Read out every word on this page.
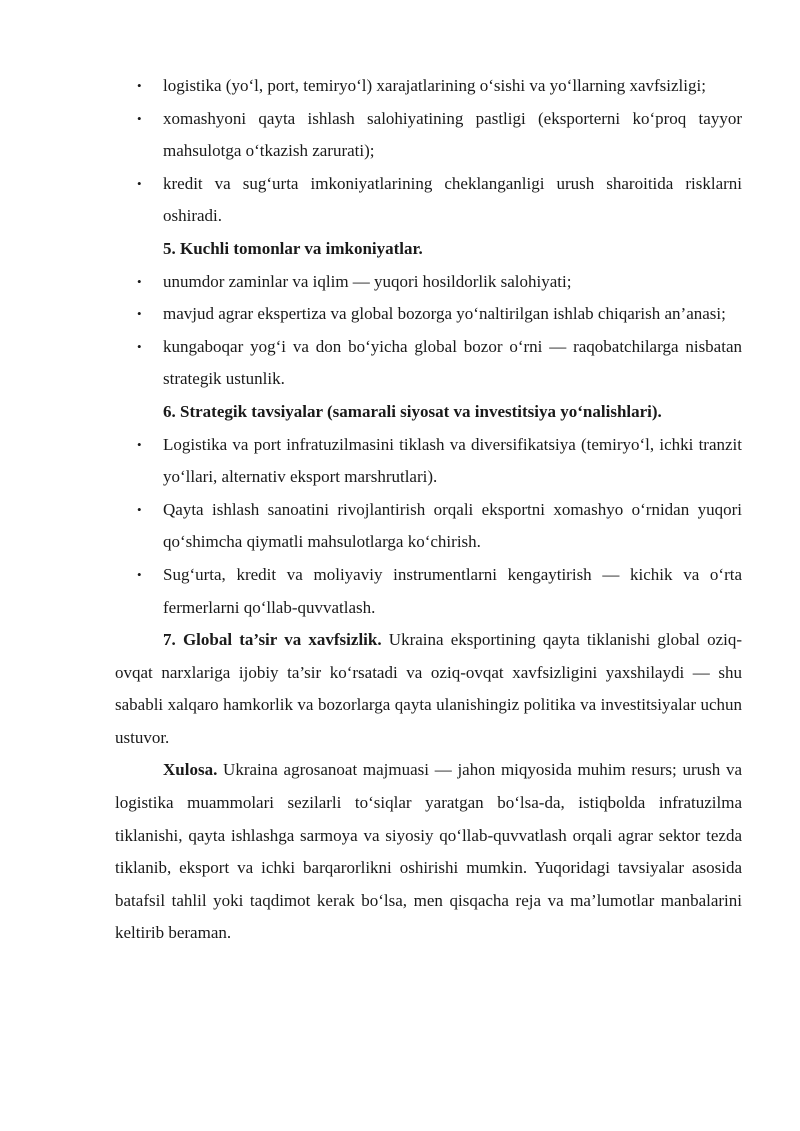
• logistika (yo‘l, port, temiryo‘l) xarajatlarining o‘sishi va yo‘llarning xavfsizligi;
• xomashyoni qayta ishlash salohiyatining pastligi (eksporterni ko‘proq tayyor mahsulotga o‘tkazish zarurati);
• kredit va sug‘urta imkoniyatlarining cheklanganligi urush sharoitida risklarni oshiradi.

5. Kuchli tomonlar va imkoniyatlar.

• unumdor zaminlar va iqlim — yuqori hosildorlik salohiyati;
• mavjud agrar ekspertiza va global bozorga yo‘naltirilgan ishlab chiqarish an’anasi;
• kungaboqar yog‘i va don bo‘yicha global bozor o‘rni — raqobatchilarga nisbatan strategik ustunlik.

6. Strategik tavsiyalar (samarali siyosat va investitsiya yo‘nalishlari).

• Logistika va port infratuzilmasini tiklash va diversifikatsiya (temiryo‘l, ichki tranzit yo‘llari, alternativ eksport marshrutlari).
• Qayta ishlash sanoatini rivojlantirish orqali eksportni xomashyo o‘rnidan yuqori qo‘shimcha qiymatli mahsulotlarga ko‘chirish.
• Sug‘urta, kredit va moliyaviy instrumentlarni kengaytirish — kichik va o‘rta fermerlarni qo‘llab-quvvatlash.

7. Global ta’sir va xavfsizlik. Ukraina eksportining qayta tiklanishi global oziq-ovqat narxlariga ijobiy ta’sir ko‘rsatadi va oziq-ovqat xavfsizligini yaxshilaydi — shu sababli xalqaro hamkorlik va bozorlarga qayta ulanishingiz politika va investitsiyalar uchun ustuvor.

Xulosa. Ukraina agrosanoat majmuasi — jahon miqyosida muhim resurs; urush va logistika muammolari sezilarli to‘siqlar yaratgan bo‘lsa-da, istiqbolda infratuzilma tiklanishi, qayta ishlashga sarmoya va siyosiy qo‘llab-quvvatlash orqali agrar sektor tezda tiklanib, eksport va ichki barqarorlikni oshirishi mumkin. Yuqoridagi tavsiyalar asosida batafsil tahlil yoki taqdimot kerak bo‘lsa, men qisqacha reja va ma’lumotlar manbalarini keltirib beraman.
